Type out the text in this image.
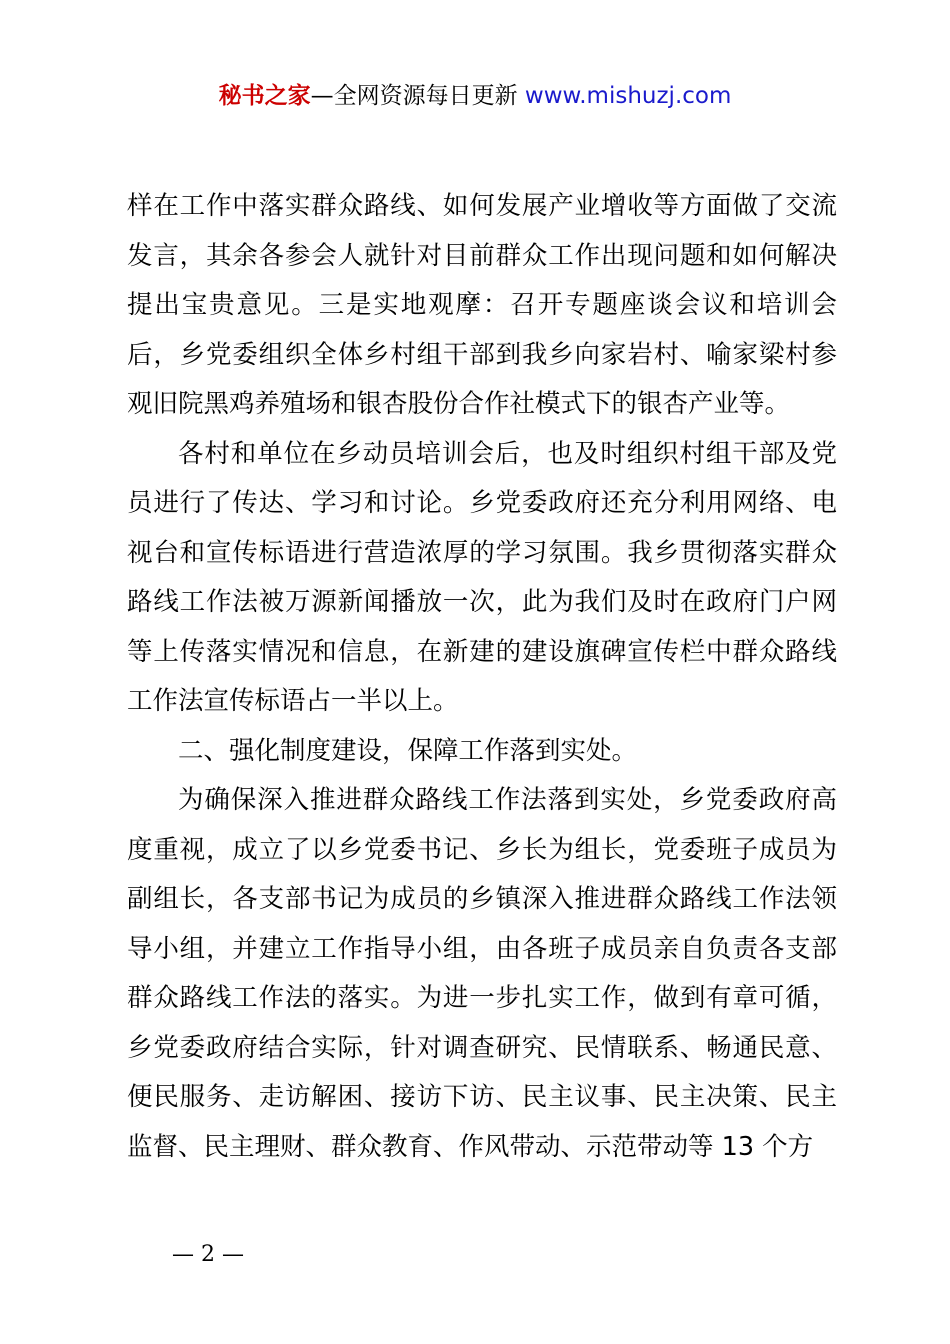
秘书之家—全网资源每日更新 www.mishuzj.com

样在工作中落实群众路线、如何发展产业增收等方面做了交流发言，其余各参会人就针对目前群众工作出现问题和如何解决提出宝贵意见。三是实地观摩：召开专题座谈会议和培训会后，乡党委组织全体乡村组干部到我乡向家岩村、喻家梁村参观旧院黑鸡养殖场和银杏股份合作社模式下的银杏产业等。

各村和单位在乡动员培训会后，也及时组织村组干部及党员进行了传达、学习和讨论。乡党委政府还充分利用网络、电视台和宣传标语进行营造浓厚的学习氛围。我乡贯彻落实群众路线工作法被万源新闻播放一次，此为我们及时在政府门户网等上传落实情况和信息，在新建的建设旗碑宣传栏中群众路线工作法宣传标语占一半以上。

二、强化制度建设，保障工作落到实处。

为确保深入推进群众路线工作法落到实处，乡党委政府高度重视，成立了以乡党委书记、乡长为组长，党委班子成员为副组长，各支部书记为成员的乡镇深入推进群众路线工作法领导小组，并建立工作指导小组，由各班子成员亲自负责各支部群众路线工作法的落实。为进一步扎实工作，做到有章可循，乡党委政府结合实际，针对调查研究、民情联系、畅通民意、便民服务、走访解困、接访下访、民主议事、民主决策、民主监督、民主理财、群众教育、作风带动、示范带动等 13 个方

— 2 —
